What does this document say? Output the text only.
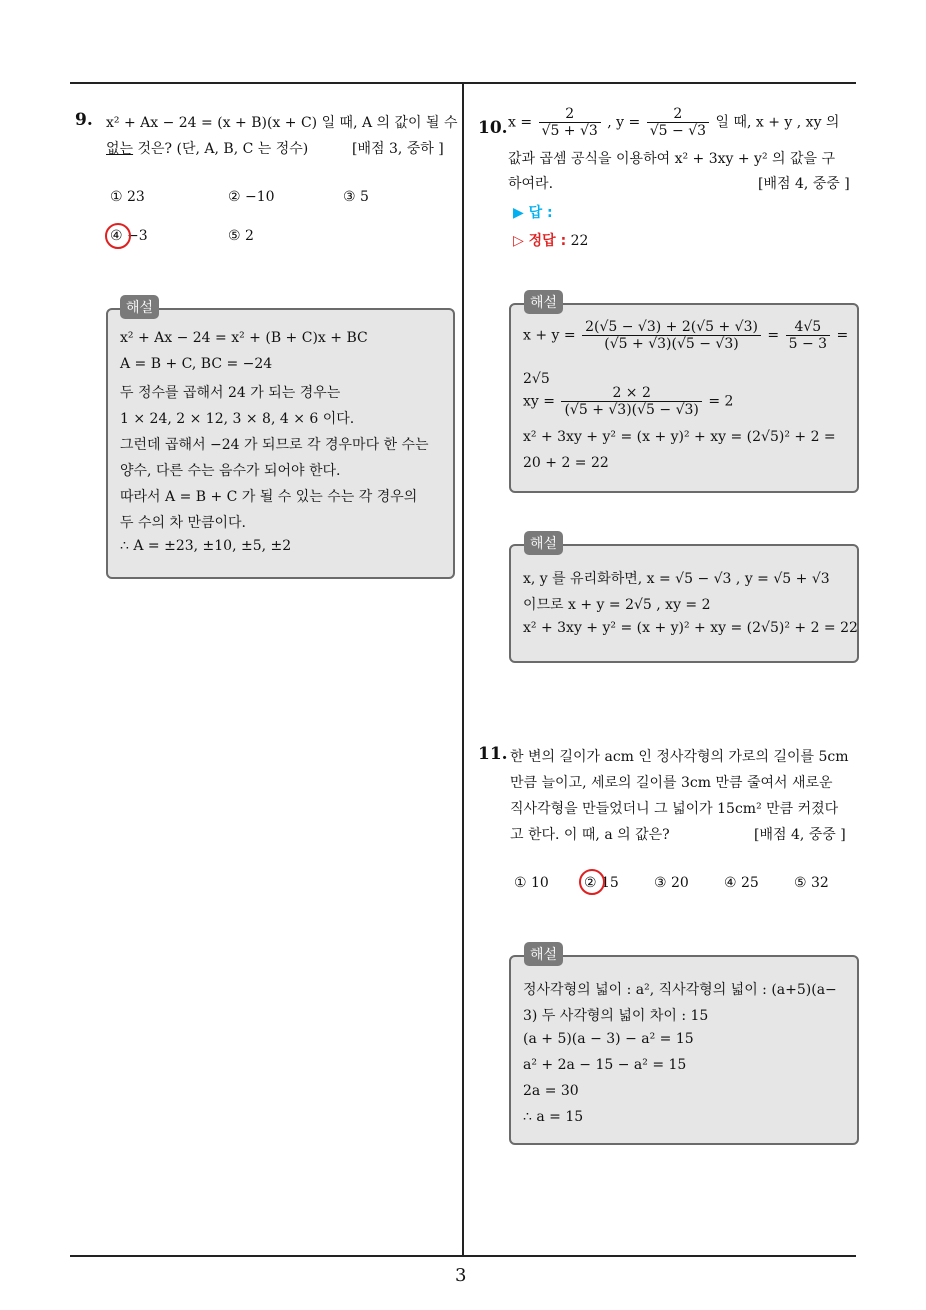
3
9. x² + Ax − 24 = (x + B)(x + C) 일 때, A 의 값이 될 수
없는 것은? (단, A, B, C 는 정수)	[배점 3, 중하 ]
① 23	② −10	③ 5
④ −3	⑤ 2
x² + Ax − 24 = x² + (B + C)x + BC
A = B + C, BC = −24
두 정수를 곱해서 24 가 되는 경우는
1 × 24, 2 × 12, 3 × 8, 4 × 6 이다.
그런데 곱해서 −24 가 되므로 각 경우마다 한 수는
양수, 다른 수는 음수가 되어야 한다.
따라서 A = B + C 가 될 수 있는 수는 각 경우의
두 수의 차 만큼이다.
∴ A = ±23, ±10, ±5, ±2
해설
10. $x = \frac{2}{√5 + √3}$ , $y = \frac{2}{√5 - √3}$ 일 때, x + y , xy 의
값과 곱셈 공식을 이용하여 x² + 3xy + y² 의 값을 구
하여라.	[배점 4, 중중 ]
▶ 답 :
▷ 정답 : 22
$x + y = \frac{2(√5 - √3) + 2(√5 + √3)}{(√5 + √3)(√5 - √3)} = \frac{4√5}{5 - 3}$ =
2√5
xy = $\frac{2 \times 2}{(√5 + √3)(√5 - √3)} = 2$
x² + 3xy + y² = (x + y)² + xy = (2√5)² + 2 =
20 + 2 = 22
해설
x, y 를 유리화하면, x = √5 − √3 , y = √5 + √3
이므로 x + y = 2√5 , xy = 2
x² + 3xy + y² = (x + y)² + xy = (2√5)² + 2 = 22
해설
11. 한 변의 길이가 acm 인 정사각형의 가로의 길이를 5cm
만큼 늘이고, 세로의 길이를 3cm 만큼 줄여서 새로운
직사각형을 만들었더니 그 넓이가 15cm² 만큼 커졌다
고 한다. 이 때, a 의 값은?	[배점 4, 중중 ]
① 10	② 15	③ 20	④ 25	⑤ 32
정사각형의 넓이 : a², 직사각형의 넓이 : (a+5)(a−
3) 두 사각형의 넓이 차이 : 15
(a + 5)(a − 3) − a² = 15
a² + 2a − 15 − a² = 15
2a = 30
∴ a = 15
해설
